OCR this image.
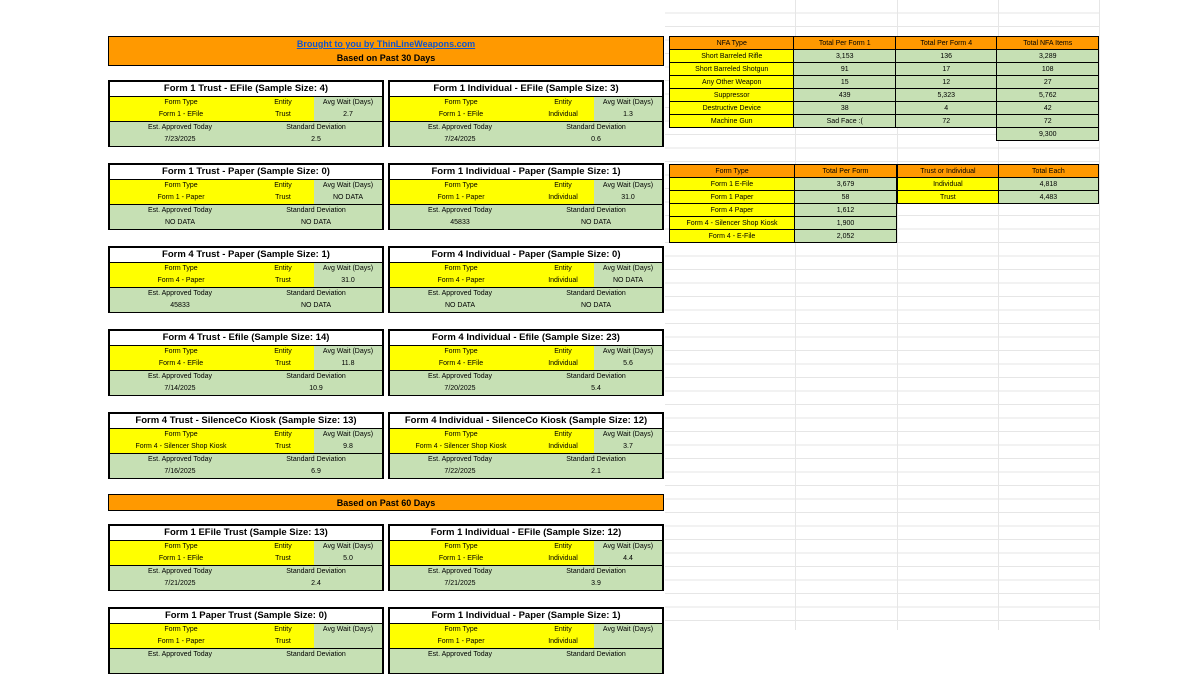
Brought to you by ThinLineWeapons.com
Based on Past 30 Days
Form 1 Trust - EFile (Sample Size: 4)
Form Type	Entity	Avg Wait (Days)
Form 1 - EFile	Trust	2.7
Est. Approved Today	Standard Deviation
7/23/2025	2.5
Form 1 Individual - EFile (Sample Size: 3)
Form Type	Entity	Avg Wait (Days)
Form 1 - EFile	Individual	1.3
Est. Approved Today	Standard Deviation
7/24/2025	0.6
Form 1 Trust - Paper (Sample Size: 0)
Form Type	Entity	Avg Wait (Days)
Form 1 - Paper	Trust	NO DATA
Est. Approved Today	Standard Deviation
NO DATA	NO DATA
Form 1 Individual - Paper (Sample Size: 1)
Form Type	Entity	Avg Wait (Days)
Form 1 - Paper	Individual	31.0
Est. Approved Today	Standard Deviation
45833	NO DATA
Form 4 Trust - Paper (Sample Size: 1)
Form Type	Entity	Avg Wait (Days)
Form 4 - Paper	Trust	31.0
Est. Approved Today	Standard Deviation
45833	NO DATA
Form 4 Individual - Paper (Sample Size: 0)
Form Type	Entity	Avg Wait (Days)
Form 4 - Paper	Individual	NO DATA
Est. Approved Today	Standard Deviation
NO DATA	NO DATA
Form 4 Trust - Efile (Sample Size: 14)
Form Type	Entity	Avg Wait (Days)
Form 4 - EFile	Trust	11.8
Est. Approved Today	Standard Deviation
7/14/2025	10.9
Form 4 Individual - Efile (Sample Size: 23)
Form Type	Entity	Avg Wait (Days)
Form 4 - EFile	Individual	5.6
Est. Approved Today	Standard Deviation
7/20/2025	5.4
Form 4 Trust - SilenceCo Kiosk (Sample Size: 13)
Form Type	Entity	Avg Wait (Days)
Form 4 - Silencer Shop Kiosk	Trust	9.8
Est. Approved Today	Standard Deviation
7/16/2025	6.9
Form 4 Individual - SilenceCo Kiosk (Sample Size: 12)
Form Type	Entity	Avg Wait (Days)
Form 4 - Silencer Shop Kiosk	Individual	3.7
Est. Approved Today	Standard Deviation
7/22/2025	2.1
Form 1 EFile Trust (Sample Size: 13)
Form Type	Entity	Avg Wait (Days)
Form 1 - EFile	Trust	5.0
Est. Approved Today	Standard Deviation
7/21/2025	2.4
Form 1 Individual - EFile (Sample Size: 12)
Form Type	Entity	Avg Wait (Days)
Form 1 - EFile	Individual	4.4
Est. Approved Today	Standard Deviation
7/21/2025	3.9
Form 1 Paper Trust (Sample Size: 0)
Form Type	Entity	Avg Wait (Days)
Form 1 - Paper	Trust
Est. Approved Today	Standard Deviation
Form 1 Individual - Paper (Sample Size: 1)
Form Type	Entity	Avg Wait (Days)
Form 1 - Paper	Individual
Est. Approved Today	Standard Deviation
Based on Past 60 Days
NFA Type	Total Per Form 1	Total Per Form 4	Total NFA Items
Short Barreled Rifle	3,153	136	3,289
Short Barreled Shotgun	91	17	108
Any Other Weapon	15	12	27
Suppressor	439	5,323	5,762
Destructive Device	38	4	42
Machine Gun	Sad Face :(	72	72
			9,300
Form Type	Total Per Form
Form 1 E-File	3,679
Form 1 Paper	58
Form 4 Paper	1,612
Form 4 - Silencer Shop Kiosk	1,900
Form 4 - E-File	2,052
Trust or Individual	Total Each
Individual	4,818
Trust	4,483
